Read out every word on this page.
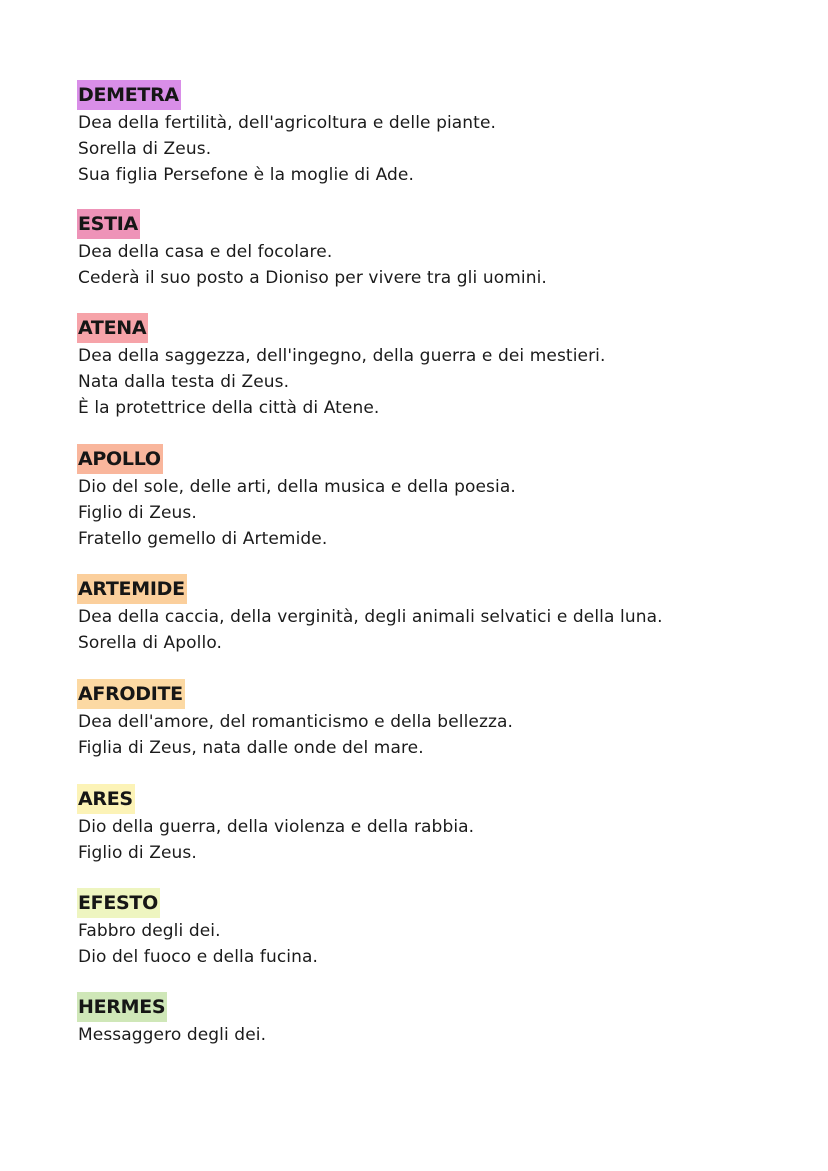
DEMETRA

Dea della fertilità, dell'agricoltura e delle piante.

Sorella di Zeus.

Sua figlia Persefone è la moglie di Ade.

ESTIA

Dea della casa e del focolare.

Cederà il suo posto a Dioniso per vivere tra gli uomini.

ATENA

Dea della saggezza, dell'ingegno, della guerra e dei mestieri.

Nata dalla testa di Zeus.

È la protettrice della città di Atene.

APOLLO

Dio del sole, delle arti, della musica e della poesia.

Figlio di Zeus.

Fratello gemello di Artemide.

ARTEMIDE

Dea della caccia, della verginità, degli animali selvatici e della luna.

Sorella di Apollo.

AFRODITE

Dea dell'amore, del romanticismo e della bellezza.

Figlia di Zeus, nata dalle onde del mare.

ARES

Dio della guerra, della violenza e della rabbia.

Figlio di Zeus.

EFESTO

Fabbro degli dei.

Dio del fuoco e della fucina.

HERMES

Messaggero degli dei.
